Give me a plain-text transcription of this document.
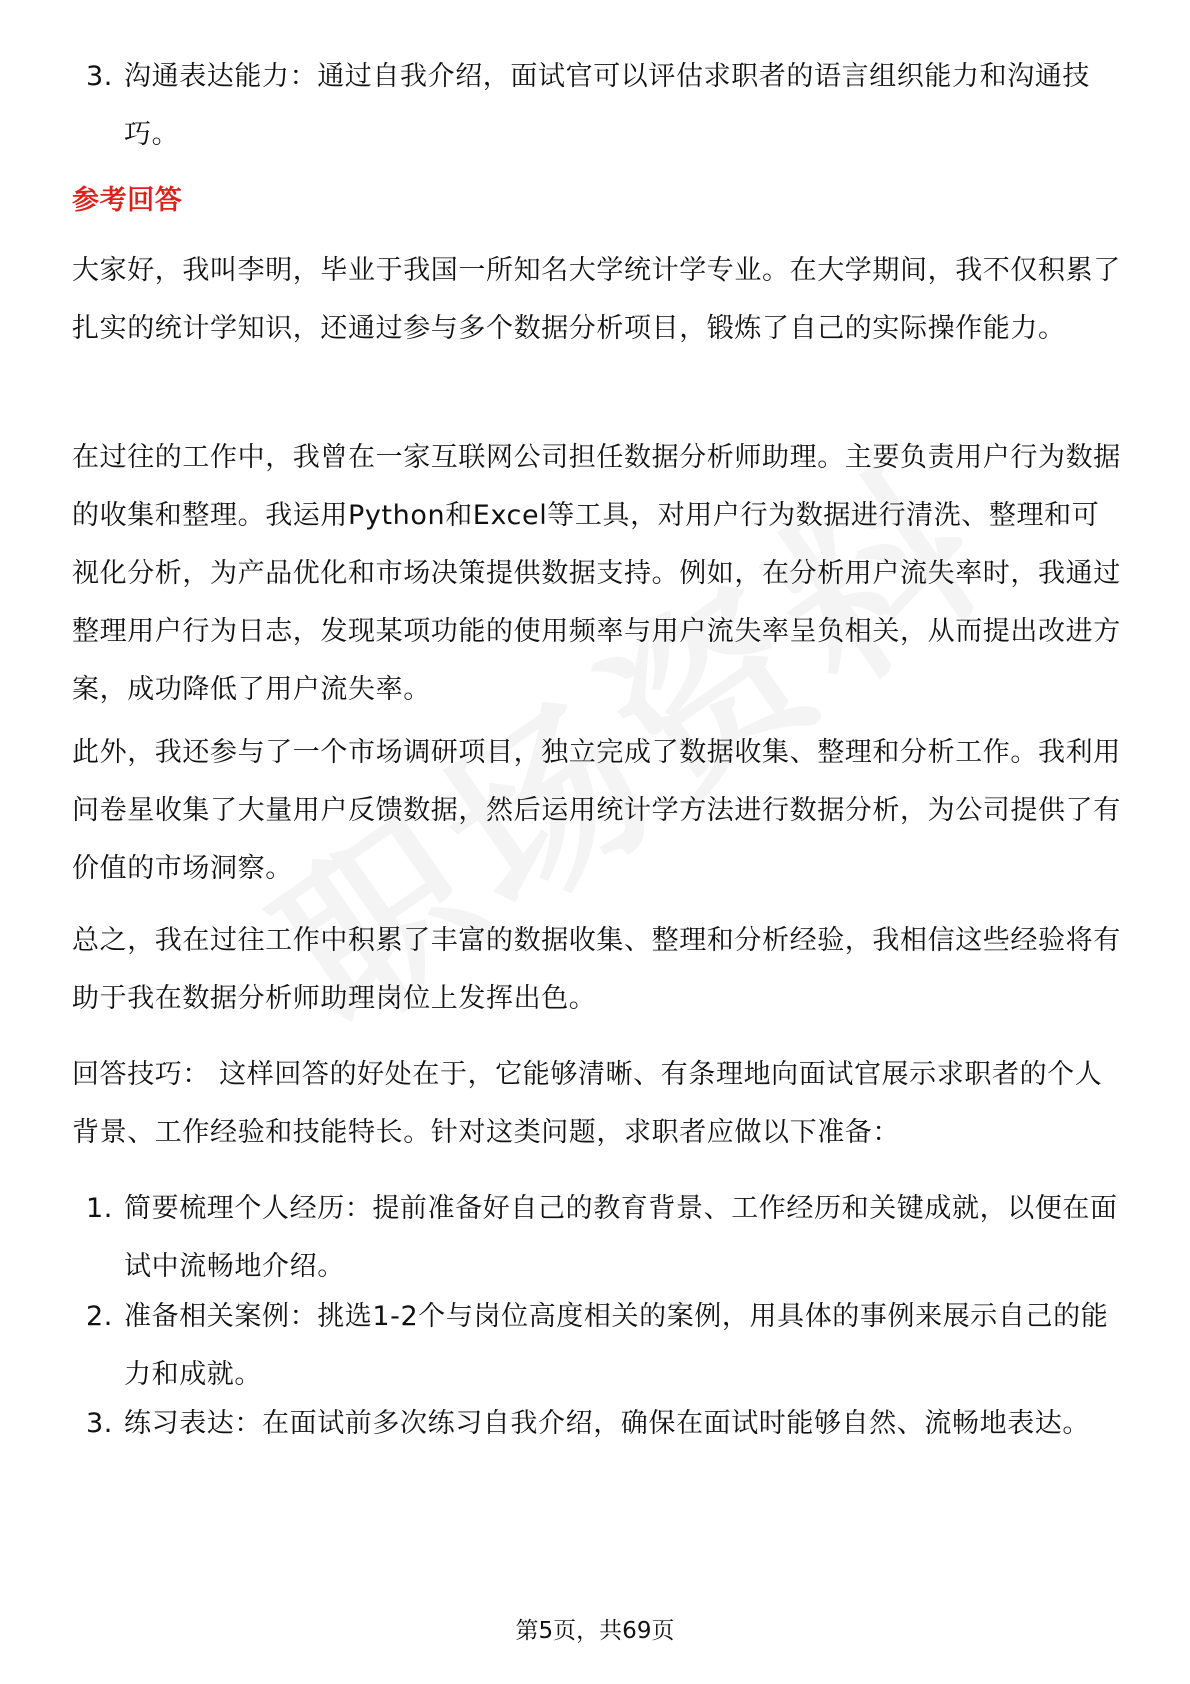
3. 沟通表达能力：通过自我介绍，面试官可以评估求职者的语言组织能力和沟通技巧。
参考回答
大家好，我叫李明，毕业于我国一所知名大学统计学专业。在大学期间，我不仅积累了扎实的统计学知识，还通过参与多个数据分析项目，锻炼了自己的实际操作能力。
在过往的工作中，我曾在一家互联网公司担任数据分析师助理。主要负责用户行为数据的收集和整理。我运用Python和Excel等工具，对用户行为数据进行清洗、整理和可视化分析，为产品优化和市场决策提供数据支持。例如，在分析用户流失率时，我通过整理用户行为日志，发现某项功能的使用频率与用户流失率呈负相关，从而提出改进方案，成功降低了用户流失率。
此外，我还参与了一个市场调研项目，独立完成了数据收集、整理和分析工作。我利用问卷星收集了大量用户反馈数据，然后运用统计学方法进行数据分析，为公司提供了有价值的市场洞察。
总之，我在过往工作中积累了丰富的数据收集、整理和分析经验，我相信这些经验将有助于我在数据分析师助理岗位上发挥出色。
回答技巧： 这样回答的好处在于，它能够清晰、有条理地向面试官展示求职者的个人背景、工作经验和技能特长。针对这类问题，求职者应做以下准备：
1. 简要梳理个人经历：提前准备好自己的教育背景、工作经历和关键成就，以便在面试中流畅地介绍。
2. 准备相关案例：挑选1-2个与岗位高度相关的案例，用具体的事例来展示自己的能力和成就。
3. 练习表达：在面试前多次练习自我介绍，确保在面试时能够自然、流畅地表达。
第5页，共69页
